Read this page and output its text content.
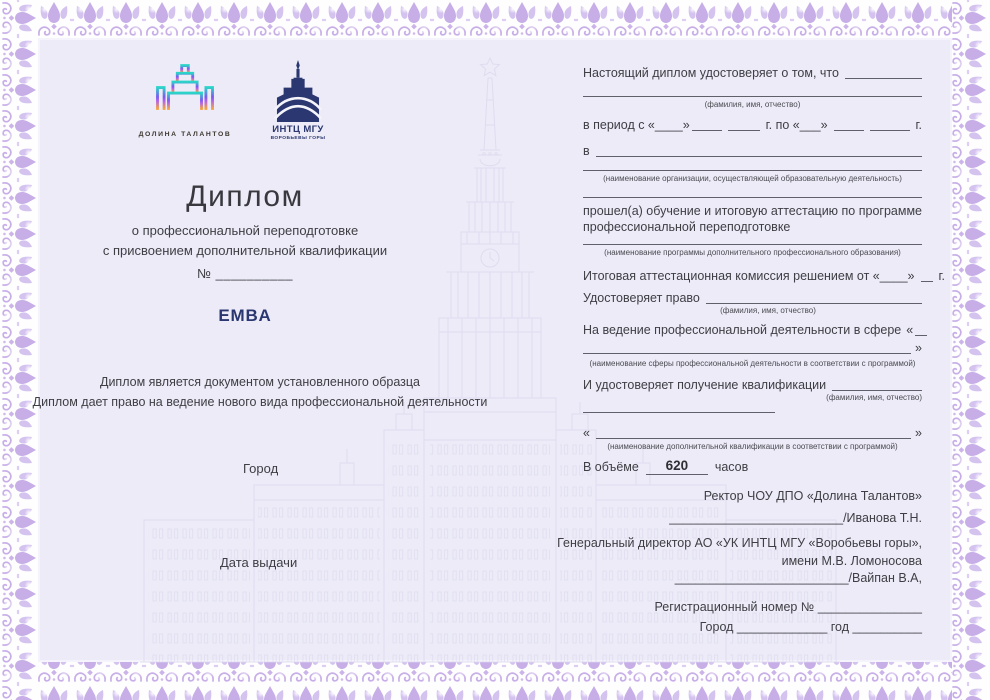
ДОЛИНА ТАЛАНТОВ	ИНТЦ МГУ
ВОРОБЬЕВЫ ГОРЫ
Диплом
о профессиональной переподготовке
с присвоением дополнительной квалификации
№ __________
EMBA
Диплом является документом установленного образца
Диплом дает право на ведение нового вида профессиональной деятельности
Город
Дата выдачи
Настоящий диплом удостоверяет о том, что
(фамилия, имя, отчество)
в период с «____»	г. по «___»	г.
в
(наименование организации, осуществляющей образовательную деятельность)
прошел(а) обучение и итоговую аттестацию по программе
профессиональной переподготовке
(наименование программы дополнительного профессионального образования)
Итоговая аттестационная комиссия решением от «____» г.
Удостоверяет право
(фамилия, имя, отчество)
На ведение профессиональной деятельности в сфере «
»
(наименование сферы профессиональной деятельности в соответствии с программой)
И удостоверяет получение квалификации
(фамилия, имя, отчество)
«	»
(наименование дополнительной квалификации в соответствии с программой)
В объёме	620	часов
Ректор ЧОУ ДПО «Долина Талантов»
_________________________/Иванова Т.Н.
Генеральный директор АО «УК ИНТЦ МГУ «Воробьевы горы»,
имени М.В. Ломоносова
_________________________/Вайпан В.А,
Регистрационный номер № _______________
Город _____________ год __________
